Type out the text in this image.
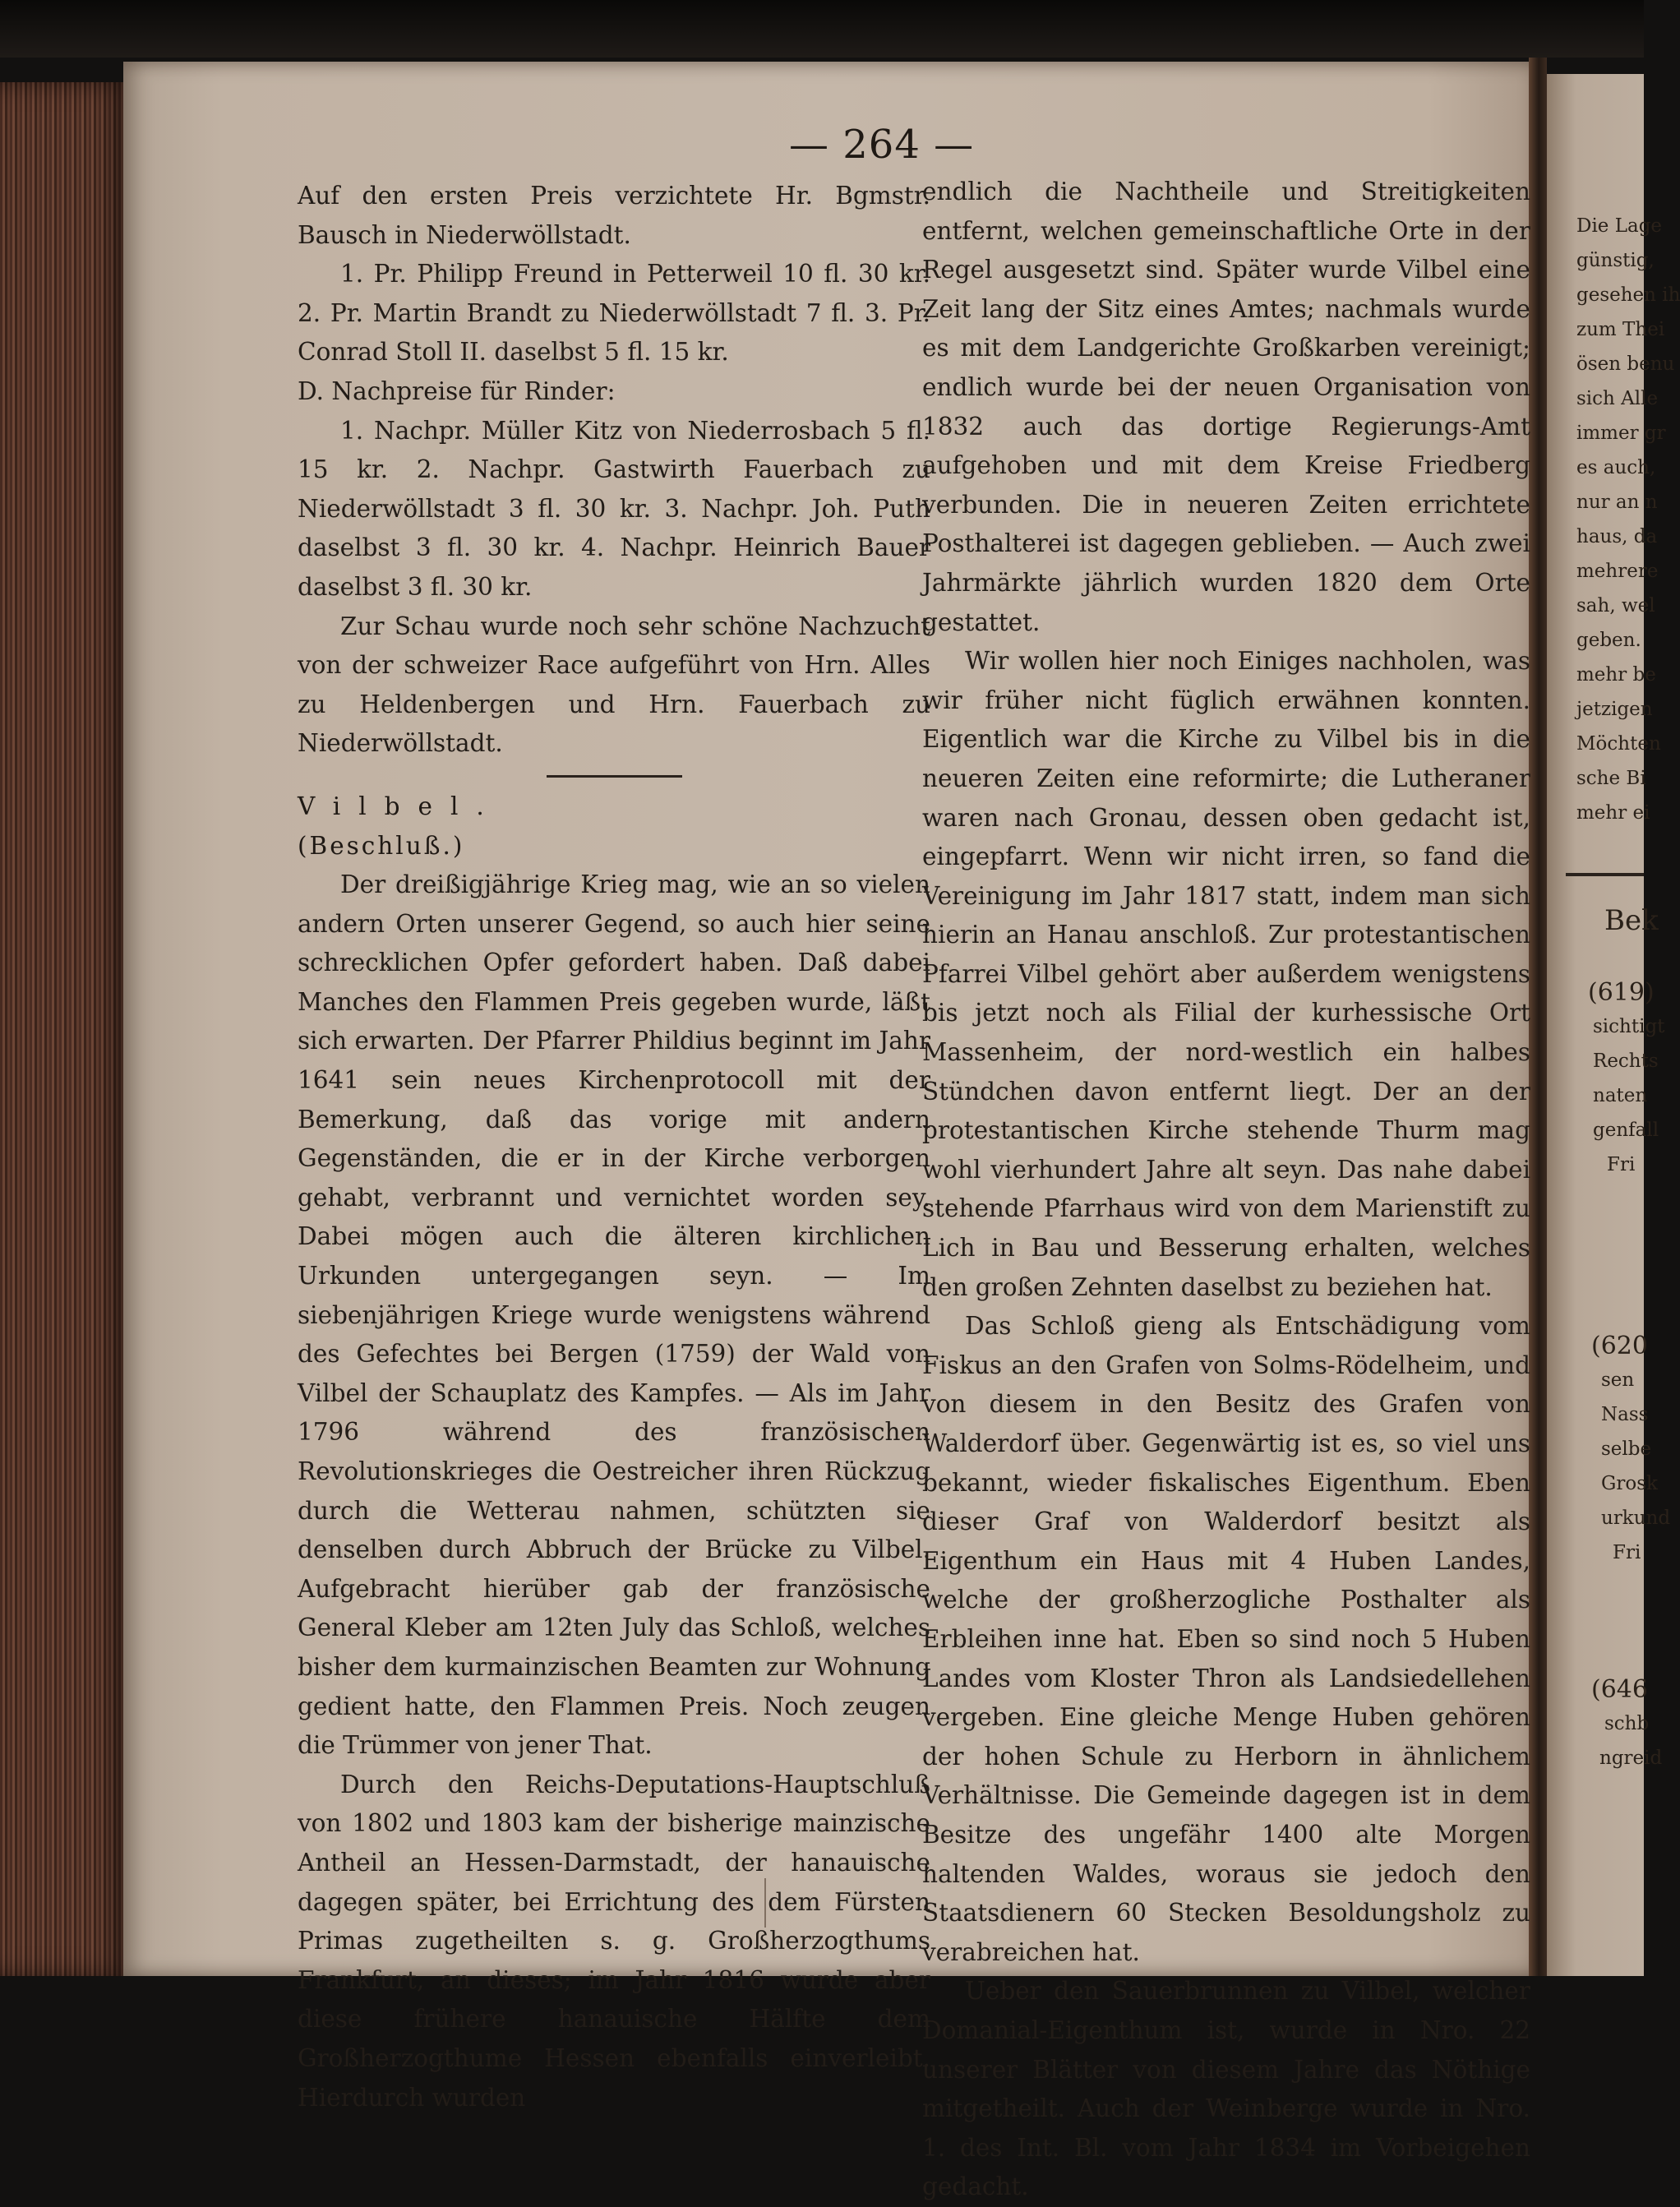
— 264 —

Auf den ersten Preis verzichtete Hr. Bgmstr. Bausch in Niederwöllstadt.

1. Pr. Philipp Freund in Petterweil 10 fl. 30 kr. 2. Pr. Martin Brandt zu Niederwöllstadt 7 fl. 3. Pr. Conrad Stoll II. daselbst 5 fl. 15 kr.

D. Nachpreise für Rinder:

1. Nachpr. Müller Kitz von Niederrosbach 5 fl. 15 kr. 2. Nachpr. Gastwirth Fauerbach zu Niederwöllstadt 3 fl. 30 kr. 3. Nachpr. Joh. Puth daselbst 3 fl. 30 kr. 4. Nachpr. Heinrich Bauer daselbst 3 fl. 30 kr.

Zur Schau wurde noch sehr schöne Nachzucht von der schweizer Race aufgeführt von Hrn. Alles zu Heldenbergen und Hrn. Fauerbach zu Niederwöllstadt.

Vilbel.

(Beschluß.)

Der dreißigjährige Krieg mag, wie an so vielen andern Orten unserer Gegend, so auch hier seine schrecklichen Opfer gefordert haben. Daß dabei Manches den Flammen Preis gegeben wurde, läßt sich erwarten. Der Pfarrer Phildius beginnt im Jahr 1641 sein neues Kirchenprotocoll mit der Bemerkung, daß das vorige mit andern Gegenständen, die er in der Kirche verborgen gehabt, verbrannt und vernichtet worden sey. Dabei mögen auch die älteren kirchlichen Urkunden untergegangen seyn. — Im siebenjährigen Kriege wurde wenigstens während des Gefechtes bei Bergen (1759) der Wald von Vilbel der Schauplatz des Kampfes. — Als im Jahr 1796 während des französischen Revolutionskrieges die Oestreicher ihren Rückzug durch die Wetterau nahmen, schützten sie denselben durch Abbruch der Brücke zu Vilbel. Aufgebracht hierüber gab der französische General Kleber am 12ten July das Schloß, welches bisher dem kurmainzischen Beamten zur Wohnung gedient hatte, den Flammen Preis. Noch zeugen die Trümmer von jener That.

Durch den Reichs-Deputations-Hauptschluß von 1802 und 1803 kam der bisherige mainzische Antheil an Hessen-Darmstadt, der hanauische dagegen später, bei Errichtung des dem Fürsten Primas zugetheilten s. g. Großherzogthums Frankfurt, an dieses; im Jahr 1816 wurde aber diese frühere hanauische Hälfte dem Großherzogthume Hessen ebenfalls einverleibt. Hierdurch wurden

endlich die Nachtheile und Streitigkeiten entfernt, welchen gemeinschaftliche Orte in der Regel ausgesetzt sind. Später wurde Vilbel eine Zeit lang der Sitz eines Amtes; nachmals wurde es mit dem Landgerichte Großkarben vereinigt; endlich wurde bei der neuen Organisation von 1832 auch das dortige Regierungs-Amt aufgehoben und mit dem Kreise Friedberg verbunden. Die in neueren Zeiten errichtete Posthalterei ist dagegen geblieben. — Auch zwei Jahrmärkte jährlich wurden 1820 dem Orte gestattet.

Wir wollen hier noch Einiges nachholen, was wir früher nicht füglich erwähnen konnten. Eigentlich war die Kirche zu Vilbel bis in die neueren Zeiten eine reformirte; die Lutheraner waren nach Gronau, dessen oben gedacht ist, eingepfarrt. Wenn wir nicht irren, so fand die Vereinigung im Jahr 1817 statt, indem man sich hierin an Hanau anschloß. Zur protestantischen Pfarrei Vilbel gehört aber außerdem wenigstens bis jetzt noch als Filial der kurhessische Ort Massenheim, der nord-westlich ein halbes Stündchen davon entfernt liegt. Der an der protestantischen Kirche stehende Thurm mag wohl vierhundert Jahre alt seyn. Das nahe dabei stehende Pfarrhaus wird von dem Marienstift zu Lich in Bau und Besserung erhalten, welches den großen Zehnten daselbst zu beziehen hat.

Das Schloß gieng als Entschädigung vom Fiskus an den Grafen von Solms-Rödelheim, und von diesem in den Besitz des Grafen von Walderdorf über. Gegenwärtig ist es, so viel uns bekannt, wieder fiskalisches Eigenthum. Eben dieser Graf von Walderdorf besitzt als Eigenthum ein Haus mit 4 Huben Landes, welche der großherzogliche Posthalter als Erbleihen inne hat. Eben so sind noch 5 Huben Landes vom Kloster Thron als Landsiedellehen vergeben. Eine gleiche Menge Huben gehören der hohen Schule zu Herborn in ähnlichem Verhältnisse. Die Gemeinde dagegen ist in dem Besitze des ungefähr 1400 alte Morgen haltenden Waldes, woraus sie jedoch den Staatsdienern 60 Stecken Besoldungsholz zu verabreichen hat.

Ueber den Sauerbrunnen zu Vilbel, welcher Domanial-Eigenthum ist, wurde in Nro. 22 unserer Blätter von diesem Jahre das Nöthige mitgetheilt. Auch der Weinberge wurde in Nro. 1. des Int. Bl. vom Jahr 1834 im Vorbeigehen gedacht.

Die Lage
günstig,
gesehen ih
zum Thei
ösen benu
sich Alle
immer gr
es auch,
nur an n
haus, da
mehrere
sah, wel
geben.
mehr be
jetzigen
Möchten
sche Bi
mehr ei
Bek
(619)
sichtigt
Rechts
naten
genfall
Fri
(620
sen
Nass
selbe
Grosk
urkund
Fri
(646
schb
ngreid
